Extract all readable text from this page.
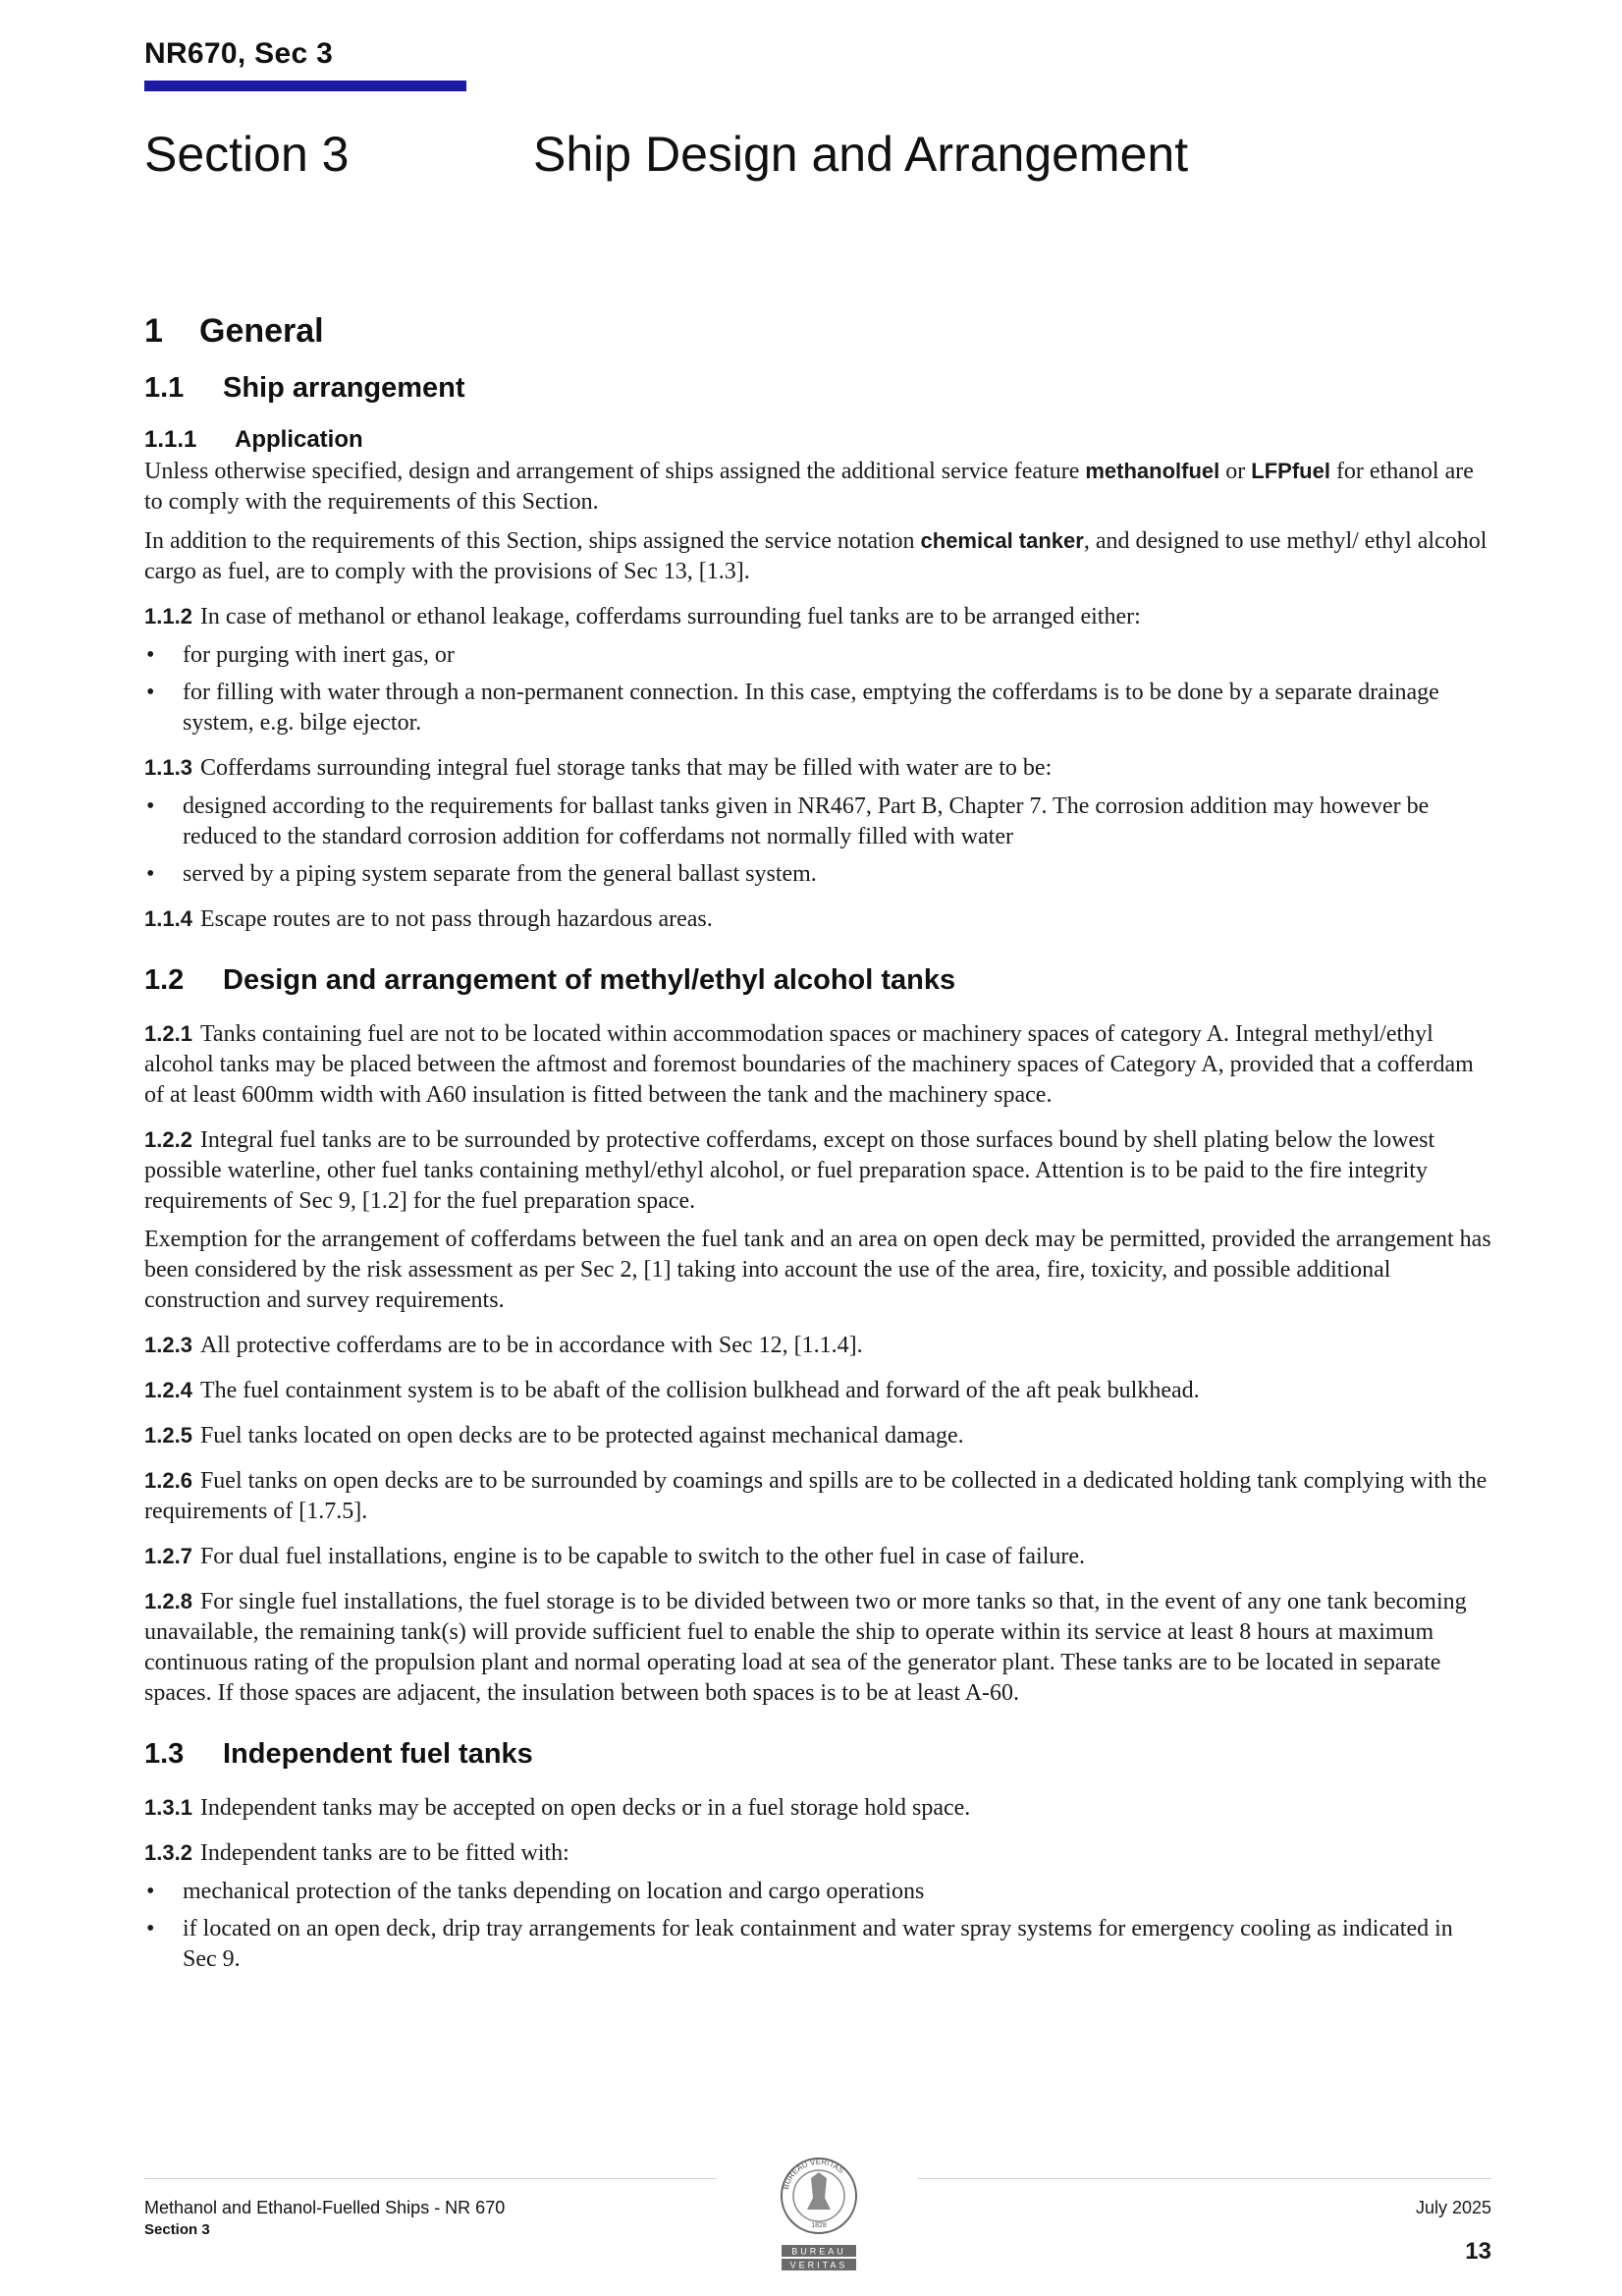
NR670, Sec 3
Section 3	Ship Design and Arrangement
1	General
1.1	Ship arrangement
1.1.1	Application

Unless otherwise specified, design and arrangement of ships assigned the additional service feature methanolfuel or LFPfuel for ethanol are to comply with the requirements of this Section.

In addition to the requirements of this Section, ships assigned the service notation chemical tanker, and designed to use methyl/ ethyl alcohol cargo as fuel, are to comply with the provisions of Sec 13, [1.3].

1.1.2 In case of methanol or ethanol leakage, cofferdams surrounding fuel tanks are to be arranged either:

• for purging with inert gas, or
• for filling with water through a non-permanent connection. In this case, emptying the cofferdams is to be done by a separate drainage system, e.g. bilge ejector.

1.1.3 Cofferdams surrounding integral fuel storage tanks that may be filled with water are to be:

• designed according to the requirements for ballast tanks given in NR467, Part B, Chapter 7. The corrosion addition may however be reduced to the standard corrosion addition for cofferdams not normally filled with water
• served by a piping system separate from the general ballast system.

1.1.4 Escape routes are to not pass through hazardous areas.

1.2	Design and arrangement of methyl/ethyl alcohol tanks

1.2.1 Tanks containing fuel are not to be located within accommodation spaces or machinery spaces of category A. Integral methyl/ethyl alcohol tanks may be placed between the aftmost and foremost boundaries of the machinery spaces of Category A, provided that a cofferdam of at least 600mm width with A60 insulation is fitted between the tank and the machinery space.

1.2.2 Integral fuel tanks are to be surrounded by protective cofferdams, except on those surfaces bound by shell plating below the lowest possible waterline, other fuel tanks containing methyl/ethyl alcohol, or fuel preparation space. Attention is to be paid to the fire integrity requirements of Sec 9, [1.2] for the fuel preparation space.

Exemption for the arrangement of cofferdams between the fuel tank and an area on open deck may be permitted, provided the arrangement has been considered by the risk assessment as per Sec 2, [1] taking into account the use of the area, fire, toxicity, and possible additional construction and survey requirements.

1.2.3 All protective cofferdams are to be in accordance with Sec 12, [1.1.4].

1.2.4 The fuel containment system is to be abaft of the collision bulkhead and forward of the aft peak bulkhead.

1.2.5 Fuel tanks located on open decks are to be protected against mechanical damage.

1.2.6 Fuel tanks on open decks are to be surrounded by coamings and spills are to be collected in a dedicated holding tank complying with the requirements of [1.7.5].

1.2.7 For dual fuel installations, engine is to be capable to switch to the other fuel in case of failure.

1.2.8 For single fuel installations, the fuel storage is to be divided between two or more tanks so that, in the event of any one tank becoming unavailable, the remaining tank(s) will provide sufficient fuel to enable the ship to operate within its service at least 8 hours at maximum continuous rating of the propulsion plant and normal operating load at sea of the generator plant. These tanks are to be located in separate spaces. If those spaces are adjacent, the insulation between both spaces is to be at least A-60.

1.3	Independent fuel tanks

1.3.1 Independent tanks may be accepted on open decks or in a fuel storage hold space.

1.3.2 Independent tanks are to be fitted with:

• mechanical protection of the tanks depending on location and cargo operations
• if located on an open deck, drip tray arrangements for leak containment and water spray systems for emergency cooling as indicated in Sec 9.
Methanol and Ethanol-Fuelled Ships - NR 670
Section 3
BUREAU VERITAS
1828
BUREAU
VERITAS
July 2025
13
